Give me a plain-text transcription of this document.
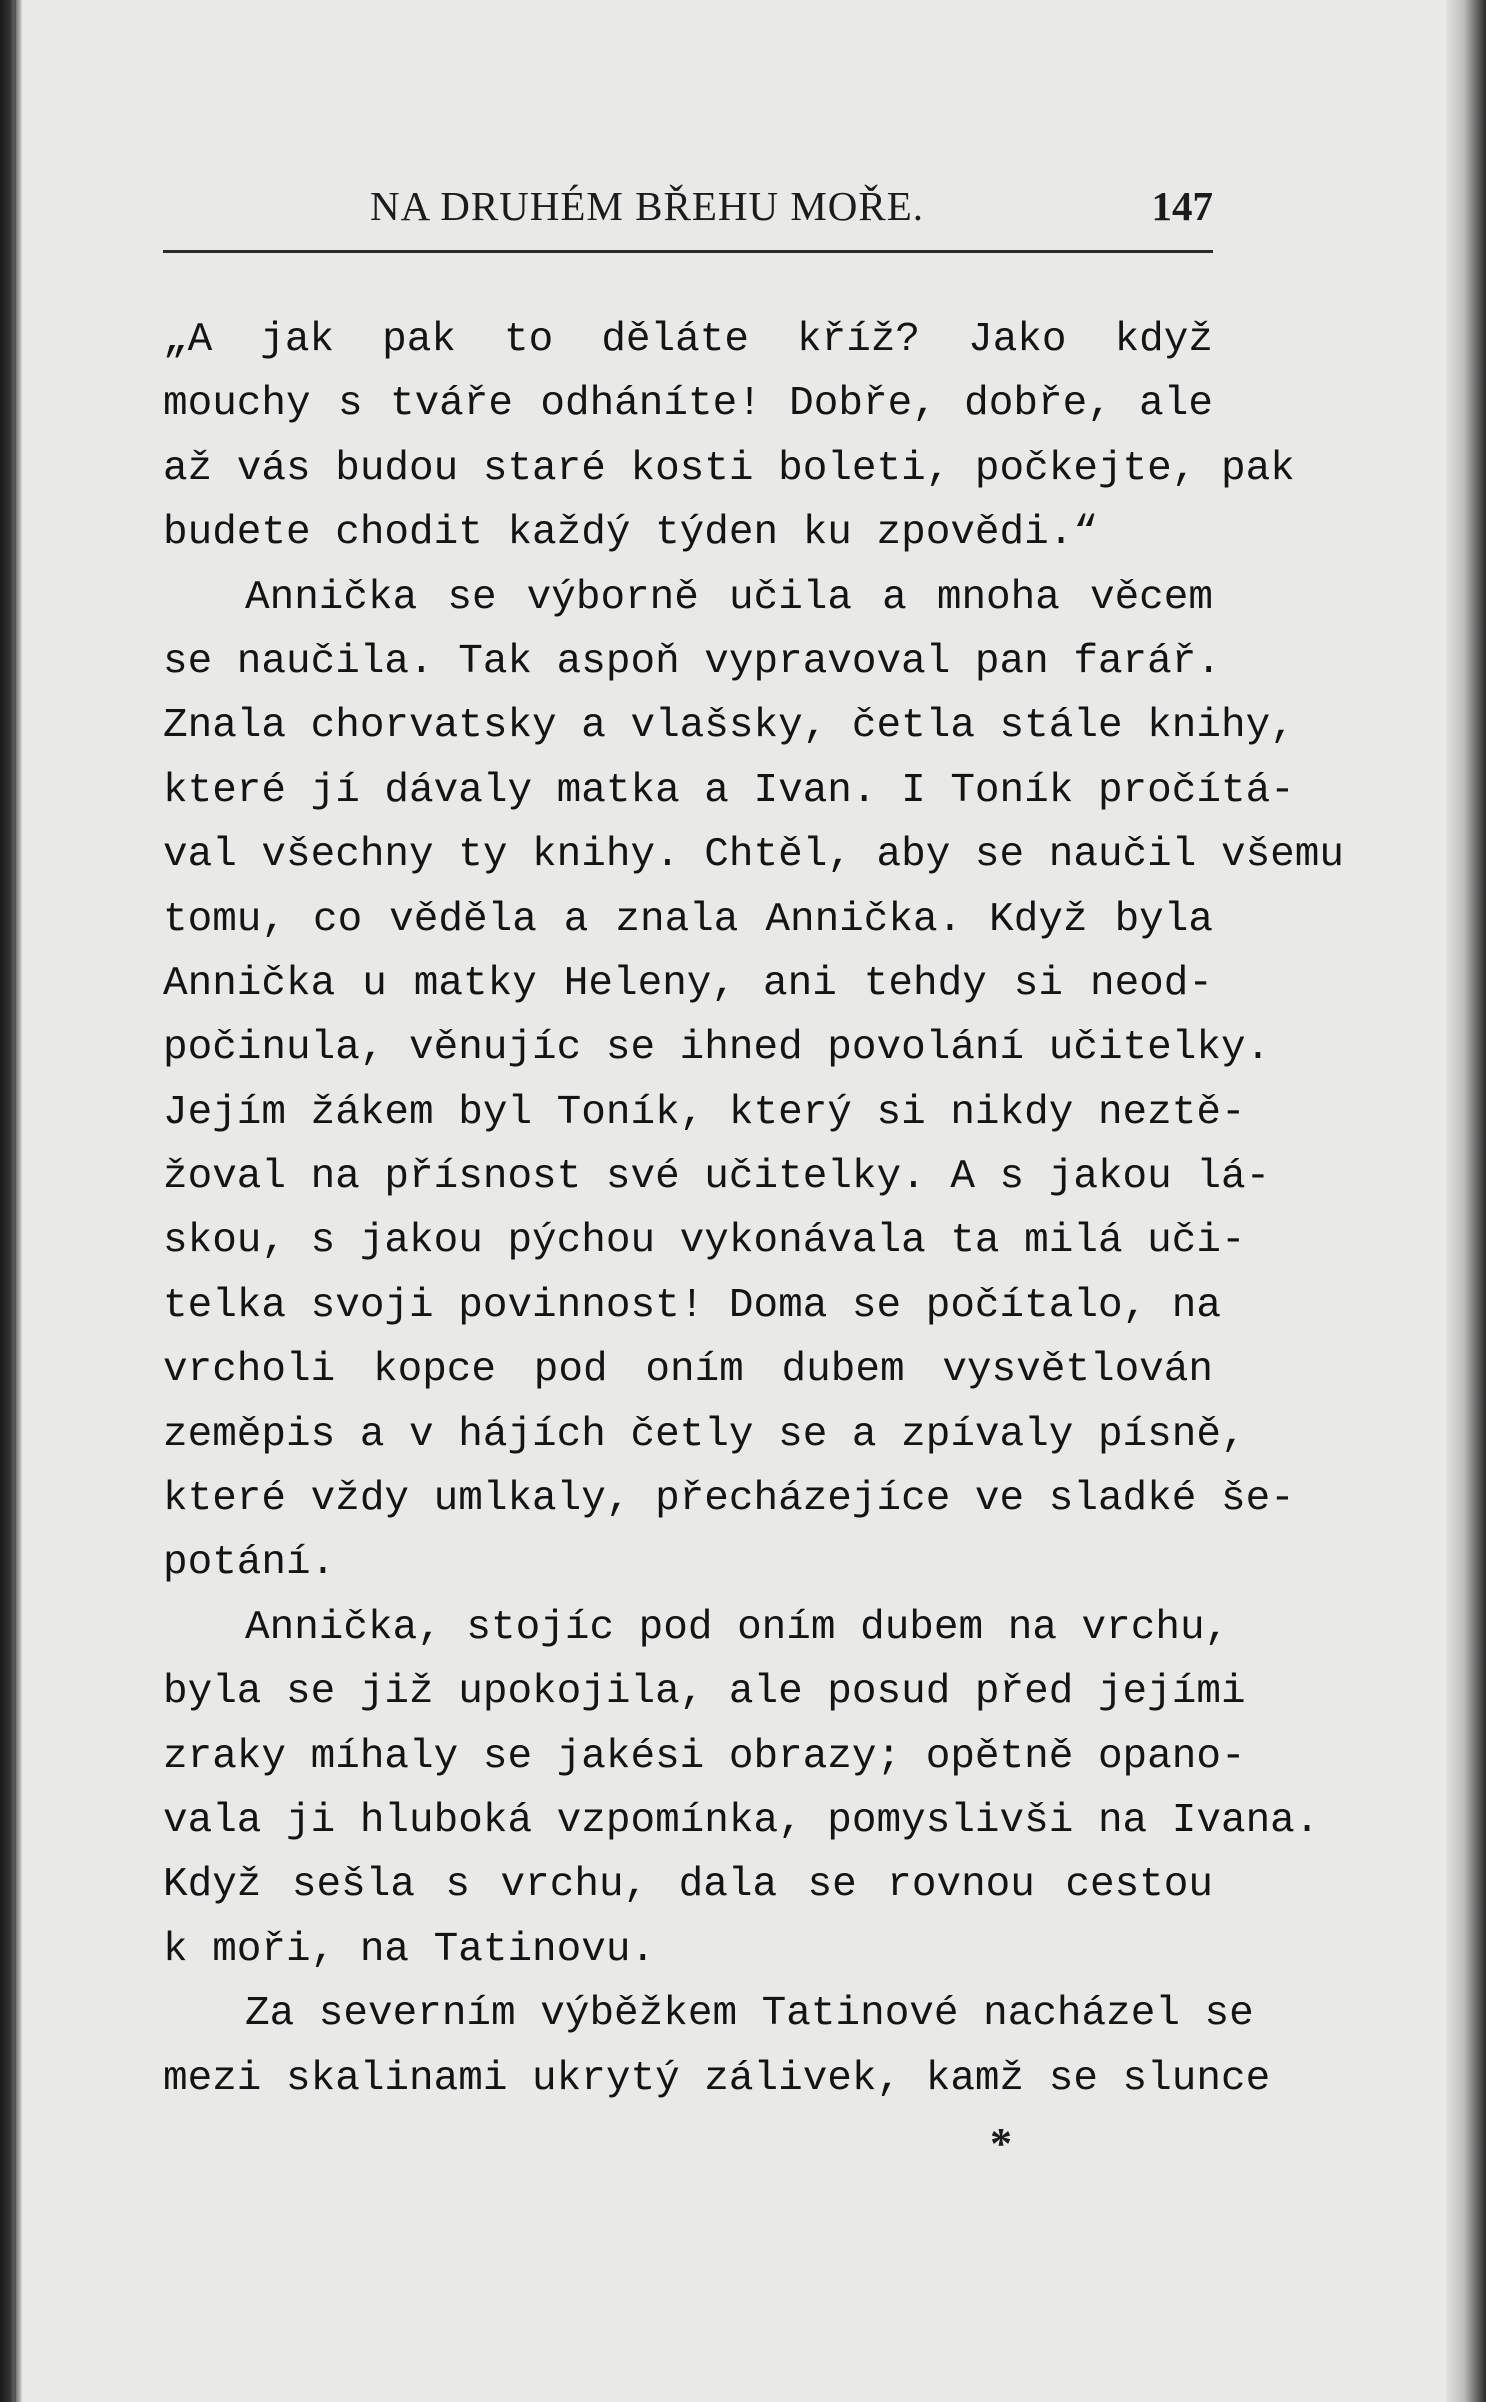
NA DRUHÉM BŘEHU MOŘE.	147
„A jak pak to děláte kříž? Jako když
mouchy s tváře odháníte! Dobře, dobře, ale
až vás budou staré kosti boleti, počkejte, pak
budete chodit každý týden ku zpovědi.“
Annička se výborně učila a mnoha věcem
se naučila. Tak aspoň vypravoval pan farář.
Znala chorvatsky a vlašsky, četla stále knihy,
které jí dávaly matka a Ivan. I Toník pročítá-
val všechny ty knihy. Chtěl, aby se naučil všemu
tomu, co věděla a znala Annička. Když byla
Annička u matky Heleny, ani tehdy si neod-
počinula, věnujíc se ihned povolání učitelky.
Jejím žákem byl Toník, který si nikdy neztě-
žoval na přísnost své učitelky. A s jakou lá-
skou, s jakou pýchou vykonávala ta milá uči-
telka svoji povinnost! Doma se počítalo, na
vrcholi kopce pod oním dubem vysvětlován
zeměpis a v hájích četly se a zpívaly písně,
které vždy umlkaly, přecházejíce ve sladké še-
potání.
Annička, stojíc pod oním dubem na vrchu,
byla se již upokojila, ale posud před jejími
zraky míhaly se jakési obrazy; opětně opano-
vala ji hluboká vzpomínka, pomyslivši na Ivana.
Když sešla s vrchu, dala se rovnou cestou
k moři, na Tatinovu.
Za severním výběžkem Tatinové nacházel se
mezi skalinami ukrytý zálivek, kamž se slunce
*
